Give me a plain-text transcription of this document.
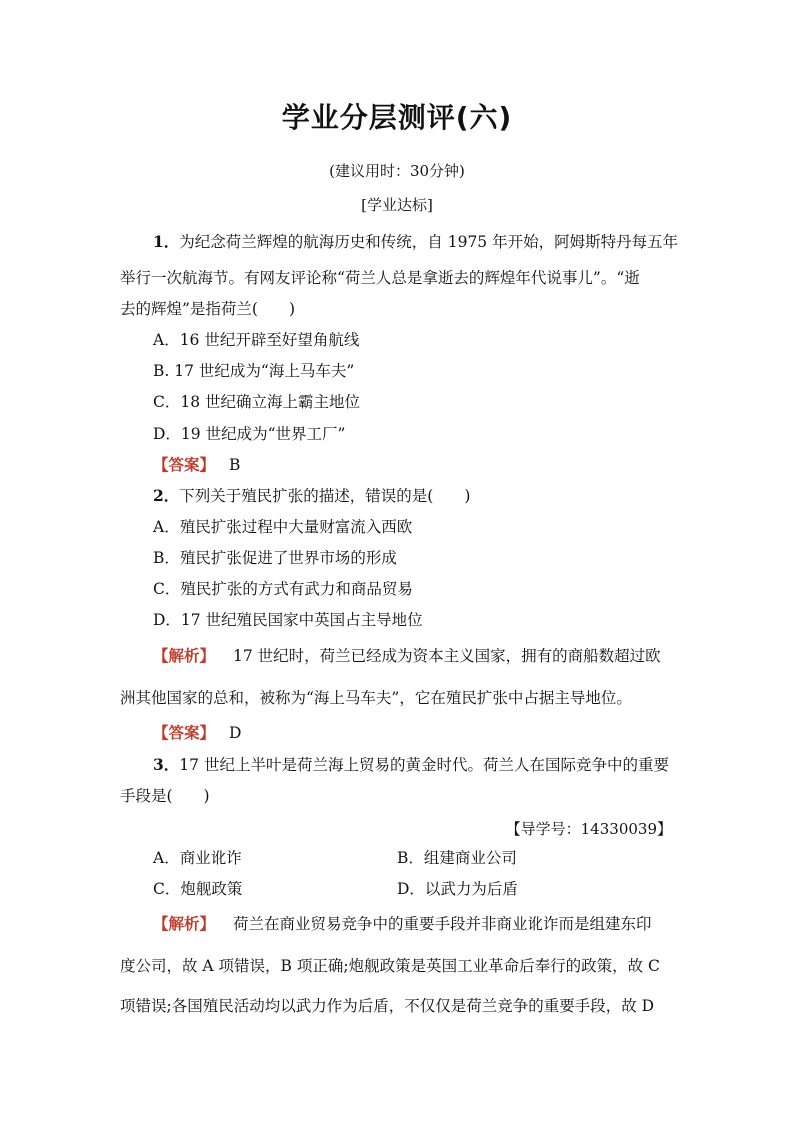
学业分层测评(六)
(建议用时：30分钟)
[学业达标]
1．为纪念荷兰辉煌的航海历史和传统，自 1975 年开始，阿姆斯特丹每五年
举行一次航海节。有网友评论称“荷兰人总是拿逝去的辉煌年代说事儿”。“逝
去的辉煌”是指荷兰(　　)
A．16 世纪开辟至好望角航线
B. 17 世纪成为“海上马车夫”
C．18 世纪确立海上霸主地位
D．19 世纪成为“世界工厂”
【答案】 B
2．下列关于殖民扩张的描述，错误的是(　　)
A．殖民扩张过程中大量财富流入西欧
B．殖民扩张促进了世界市场的形成
C．殖民扩张的方式有武力和商品贸易
D．17 世纪殖民国家中英国占主导地位
【解析】 17 世纪时，荷兰已经成为资本主义国家，拥有的商船数超过欧
洲其他国家的总和，被称为“海上马车夫”，它在殖民扩张中占据主导地位。
【答案】 D
3．17 世纪上半叶是荷兰海上贸易的黄金时代。荷兰人在国际竞争中的重要
手段是(　　)
【导学号：14330039】
A．商业讹诈	B．组建商业公司
C．炮舰政策	D．以武力为后盾
【解析】 荷兰在商业贸易竞争中的重要手段并非商业讹诈而是组建东印
度公司，故 A 项错误，B 项正确;炮舰政策是英国工业革命后奉行的政策，故 C
项错误;各国殖民活动均以武力作为后盾，不仅仅是荷兰竞争的重要手段，故 D
